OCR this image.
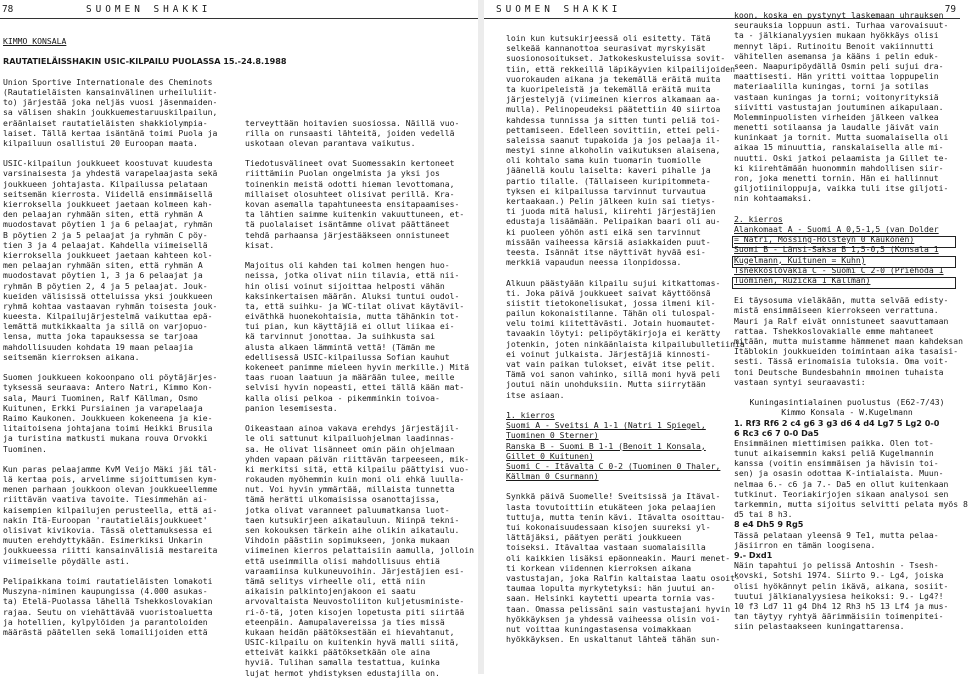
78	SUOMEN SHAKKI
KIMMO KONSALA
RAUTATIELÄISSHAKIN USIC-KILPAILU PUOLASSA 15.-24.8.1988
Union Sportive Internationale des Cheminots
(Rautatieläisten kansainvälinen urheiluliit-
to) järjestää joka neljäs vuosi jäsenmaiden-
sa välisen shakin joukkuemestaruuskilpailun,
eräänlaiset rautatieläisten shakkiolympia-
laiset. Tällä kertaa isäntänä toimi Puola ja
kilpailuun osallistui 20 Euroopan maata.
USIC-kilpailun joukkueet koostuvat kuudesta
varsinaisesta ja yhdestä varapelaajasta sekä
joukkueen johtajasta. Kilpailussa pelataan
seitsemän kierrosta. Viidellä ensimmäisellä
kierroksella joukkueet jaetaan kolmeen kah-
den pelaajan ryhmään siten, että ryhmän A
muodostavat pöytien 1 ja 6 pelaajat, ryhmän
B pöytien 2 ja 5 pelaajat ja ryhmän C pöy-
tien 3 ja 4 pelaajat. Kahdella viimeisellä
kierroksella joukkueet jaetaan kahteen kol-
men pelaajan ryhmään siten, että ryhmän A
muodostavat pöytien 1, 3 ja 6 pelaajat ja
ryhmän B pöytien 2, 4 ja 5 pelaajat. Jouk-
kueiden välisissä otteluissa yksi joukkueen
ryhmä kohtaa vastaavan ryhmän toisesta jouk-
kueesta. Kilpailujärjestelmä vaikuttaa epä-
lemättä mutkikkaalta ja sillä on varjopuo-
lensa, mutta joka tapauksessa se tarjoaa
mahdollisuuden kohdata 19 maan pelaajia
seitsemän kierroksen aikana.
Suomen joukkueen kokoonpano oli pöytäjärjes-
tyksessä seuraava: Antero Natri, Kimmo Kon-
sala, Mauri Tuominen, Ralf Källman, Osmo
Kuitunen, Erkki Pursiainen ja varapelaaja
Raimo Kaukonen. Joukkueen kokeneena ja kie-
litaitoisena johtajana toimi Heikki Brusila
ja turistina matkusti mukana rouva Orvokki
Tuominen.
Kun paras pelaajamme KvM Veijo Mäki jäi täl-
lä kertaa pois, arvelimme sijoittumisen kym-
menen parhaan joukkoon olevan joukkueellemme
riittävän vaativa tavoite. Tiesimmehän ai-
kaisempien kilpailujen perusteella, että ai-
nakin Itä-Euroopan 'rautatieläisjoukkueet'
olisivat kivikovia. Tässä olettamuksessa ei
muuten erehdyttykään. Esimerkiksi Unkarin
joukkueessa riitti kansainvälisiä mestareita
viimeiselle pöydälle asti.
Pelipaikkana toimi rautatieläisten lomakoti
Muszyna-niminen kaupungissa (4.000 asukas-
ta) Etelä-Puolassa lähellä Tshekkoslovakian
rajaa. Seutu on viehättävää vuoristoaluetta
ja hotellien, kylpylöiden ja parantoloiden
määrästä päätellen sekä lomailijoiden että
terveyttään hoitavien suosiossa. Näillä vuo-
rilla on runsaasti lähteitä, joiden vedellä
uskotaan olevan parantava vaikutus.
Tiedotusvälineet ovat Suomessakin kertoneet
riittämiin Puolan ongelmista ja yksi jos
toinenkin meistä odotti hieman levottomana,
millaiset olosuhteet olisivat perillä. Kra-
kovan asemalla tapahtuneesta ensitapaamises-
ta lähtien saimme kuitenkin vakuuttuneen, et-
tä puolalaiset isäntämme olivat päättäneet
tehdä parhaansa järjestääkseen onnistuneet
kisat.
Majoitus oli kahden tai kolmen hengen huo-
neissa, jotka olivat niin tilavia, että nii-
hin olisi voinut sijoittaa helposti vähän
kaksinkertaisen määrän. Aluksi tuntui oudol-
ta, että suihku- ja WC-tilat olivat käytävil-
eiväthkä huonekohtaisia, mutta tähänkin tot-
tui pian, kun käyttäjiä ei ollut liikaa ei-
kä tarvinnut jonottaa. Ja suihkusta sai
alusta alkaen lämmintä vettä! (Tämän me
edellisessä USIC-kilpailussa Sofian kauhut
kokeneet panimme mieleen hyvin merkille.) Mitä
taas ruoan laatuun ja määrään tulee, meille
selvisi hyvin nopeasti, ettei tällä kään mat-
kalla olisi pelkoa - pikemminkin toivoa-
panion lesemisesta.
Oikeastaan ainoa vakava erehdys järjestäjil-
le oli sattunut kilpailuohjelman laadinnas-
sa. He olivat lisänneet omin päin ohjelmaan
yhden vapaan päivän riittävän tarpeeseen, mik-
ki merkitsi sitä, että kilpailu päättyisi vuo-
rokauden myöhemmin kuin moni oli ehkä luulla-
nut. Voi hyvin ymmärtää, millaista tunnetta
tämä herätti ulkomaisissa osanottajissa,
jotka olivat varanneet paluumatkansa luot-
taen kutsukirjeen aikatauluun. Niinpä tekni-
sen kokouksen tärkein aihe olikin aikataulu.
Vihdoin päästiin sopimukseen, jonka mukaan
viimeinen kierros pelattaisiin aamulla, jolloin
että useimmilla olisi mahdollisuus ehtiä
varaamiinsa kulkuneuvoihin. Järjestäjien esi-
tämä selitys virheelle oli, että niin
aikaisin palkintojenjakoon ei saatu
arvovaltaista Neuvostoliiton kuljetusministe-
ri-ö-tä, joten kisojen lopetusta piti siirtää
eteenpäin. Aamupalavereissa ja ties missä
kukaan heidän päätöksestään ei hievahtanut,
USIC-kilpailu on kuitenkin hyvä malli siitä,
etteivät kaikki päätöksetkään ole aina
hyviä. Tulihan samalla testattua, kuinka
lujat hermot yhdistyksen edustajilla on.
SUOMEN SHAKKI	79
loin kun kutsukirjeessä oli esitetty. Tätä
selkeää kannanottoa seurasivat myrskyisät
suosionosoitukset. Jatkokeskusteluissa sovit-
tiin, että rekkeillä läpikäyvien kilpailijoiden
vuorokauden aikana ja tekemällä eräitä muita
ta kuoripeleistä ja tekemällä eräitä muita
järjestelyjä (viimeinen kierros alkamaan aa-
mulla). Pelinopeudeksi päätettiin 40 siirtoa
kahdessa tunnissa ja sitten tunti peliä toi-
pettamiseen. Edelleen sovittiin, ettei peli-
saleissa saanut tupakoida ja jos pelaaja il-
mestyi sinne alkoholin vaikutuksen alaisena,
oli kohtalo sama kuin tuomarin tuomiolle
jäänellä koulu laiselta: kaveri pihalle ja
partio tilalle. (Tällaiseen kuripitommeta-
tyksen ei kilpailussa tarvinnut turvautua
kertaakaan.) Pelin jälkeen kuin sai tietys-
ti juoda mitä halusi, kiirehti järjestäjien
edustaja lisäämään. Pelipaikan baari oli au-
ki puoleen yöhön asti eikä sen tarvinnut
missään vaiheessa kärsiä asiakkaiden puut-
teesta. Isännät itse näyttivät hyvää esi-
merkkiä vapaudun neessa ilonpidossa.
Alkuun päästyään kilpailu sujui kitkattomas-
ti. Joka päivä joukkueet saivat käyttöönsä
siistit tietokonelisukat, jossa ilmeni kil-
pailun kokonaistilanne. Tähän oli tulospal-
velu toimi kiitettävästi. Jotain huomautet-
tavaakin löytyi: pelipöytäkirjoja ei kerätty
jotenkin, joten ninkäänlaista kilpailubulletiinia
ei voinut julkaista. Järjestäjiä kinnosti-
vat vain paikan tulokset, eivät itse pelit.
Tämä voi sanon vahinko, sillä moni hyvä peli
joutui näin unohduksiin. Mutta siirrytään
itse asiaan.
1. kierros
Suomi A - Sveitsi A 1-1 (Natri 1 Spiegel,
Tuominen 0 Sterner)
Ranska B - Suomi B 1-1 (Benoit 1 Konsala,
Gillet 0 Kuitunen)
Suomi C - Itävalta C 0-2 (Tuominen 0 Thaler,
Källman 0 Csurmann)
Synkkä päivä Suomelle! Sveitsissä ja Itäval-
lasta tovutoittiin etukäteen joka pelaajien
tuttuja, mutta tenin kävi. Itävalta osoittau-
tui kokonaisuudessaan kisojen suureksi yl-
lättäjäksi, päätyen peräti joukkueen
toiseksi. Itävaltaa vastaan suomalaisilla
oli kaikkien lisäksi epäonneakin. Mauri menet-
ti korkean viidennen kierroksen aikana
vastustajan, joka Ralfin kaltaistaa laatu osoit-
taumaa lopulta myrkytetyksi: hän juutui an-
saan. Helsinki kaytetti upearta tornia vas-
taan. Omassa pelissäni sain vastustajani hyvin
hyökkäyksen ja yhdessä vaiheessa olisin voi-
nut voittaa kuningastasensa voimakkaan
hyökkäyksen. En uskaltanut lähteä tähän sun-
koon, koska en pystynyt laskemaan uhrauksen
seurauksia loppuun asti. Turhaa varovaisuut-
ta - jälkianalyysien mukaan hyökkäys olisi
mennyt läpi. Rutinoitu Benoit vakiinnutti
vähitellen asemansa ja kääns i pelin eduk-
seen. Naapuripöydällä Osmin peli sujui dra-
maattisesti. Hän yritti voittaa loppupelin
materiaalilla kuningas, torni ja sotilas
vastaan kuningas ja torni; voitonyrityksiä
siivitti vastustajan joutuminen aikapulaan.
Molemminpuolisten virheiden jälkeen valkea
menetti sotilaansa ja laudalle jäivät vain
kuninkaat ja tornit. Mutta suomalaisella oli
aikaa 15 minuuttia, ranskalaisella alle mi-
nuutti. Oski jatkoi pelaamista ja Gillet te-
ki kiirehtämään huonommin mahdollisen siir-
ron, joka menetti tornin. Hän ei hallinnut
giljotiiniloppuja, vaikka tuli itse giljoti-
nin kohtaamaksi.
2. kierros
Alankomaat A - Suomi A 0,5-1,5 (van Dolder
= Natri, Mossing-Holsteyn 0 Kaukonen)
Suomi B - Länsi-Saksa B 1,5-0,5 (Konsala 1
Kugelmann, Kuitunen = Kuhn)
Tshekkoslovakia C - Suomi C 2-0 (Priehoda 1
Tuominen, Ruzicka 1 Källman)
Ei täysosuma vieläkään, mutta selvää edisty-
mistä ensimmäiseen kierrokseen verrattuna.
Mauri ja Ralf eivät onnistuneet saavuttamaan
rattaa. Tshekkoslovakialle emme mahtaneet
mitään, mutta muistamme hämmenet maan kahdeksan
Itäblokin joukkueiden toimintaan aika tasaisi-
sesti. Tässä erinomaisia tuloksia. Oma voit-
toni Deutsche Bundesbahnin mmoinen tuhaista
vastaan syntyi seuraavasti:
Kuningasintialainen puolustus (E62-7/43)
Kimmo Konsala - W.Kugelmann
1. Rf3 Rf6 2 c4 g6 3 g3 d6 4 d4 Lg7 5 Lg2 0-0
6 Rc3 c6 7 0-0 Da5
Ensimmäinen miettimisen paikka. Olen tot-
tunut aikaisemmin kaksi peliä Kugelmannin
kanssa (voitin ensimmäisen ja hävisin toi-
sen) ja osasin odottaa K-intialaista. Muun-
nelmaa 6.- c6 ja 7.- Da5 en ollut kuitenkaan
tutkinut. Teoriakirjojen sikaan analysoi sen
tarkemmin, mutta sijoitus selvitti pelata myös 8
d5 tai 8 h3.
8 e4 Dh5 9 Rg5
Tässä pelataan yleensä 9 Te1, mutta pelaa-
jäsiirron en tämän loogisena.
9.- Dxd1
Näin tapahtui jo pelissä Antoshin - Tsesh-
kovski, Sotshi 1974. Siirto 9.- Lg4, joiska
olisi hyökännyt pelin ikävä, aikana, sosiit-
tuutui jälkianalyysiesa heikoksi: 9.- Lg4?!
10 f3 Ld7 11 g4 Dh4 12 Rh3 h5 13 Lf4 ja mus-
tan täytyy ryhtyä äärimmäisiin toimenpitei-
siin pelastaakseen kuningattarensa.
